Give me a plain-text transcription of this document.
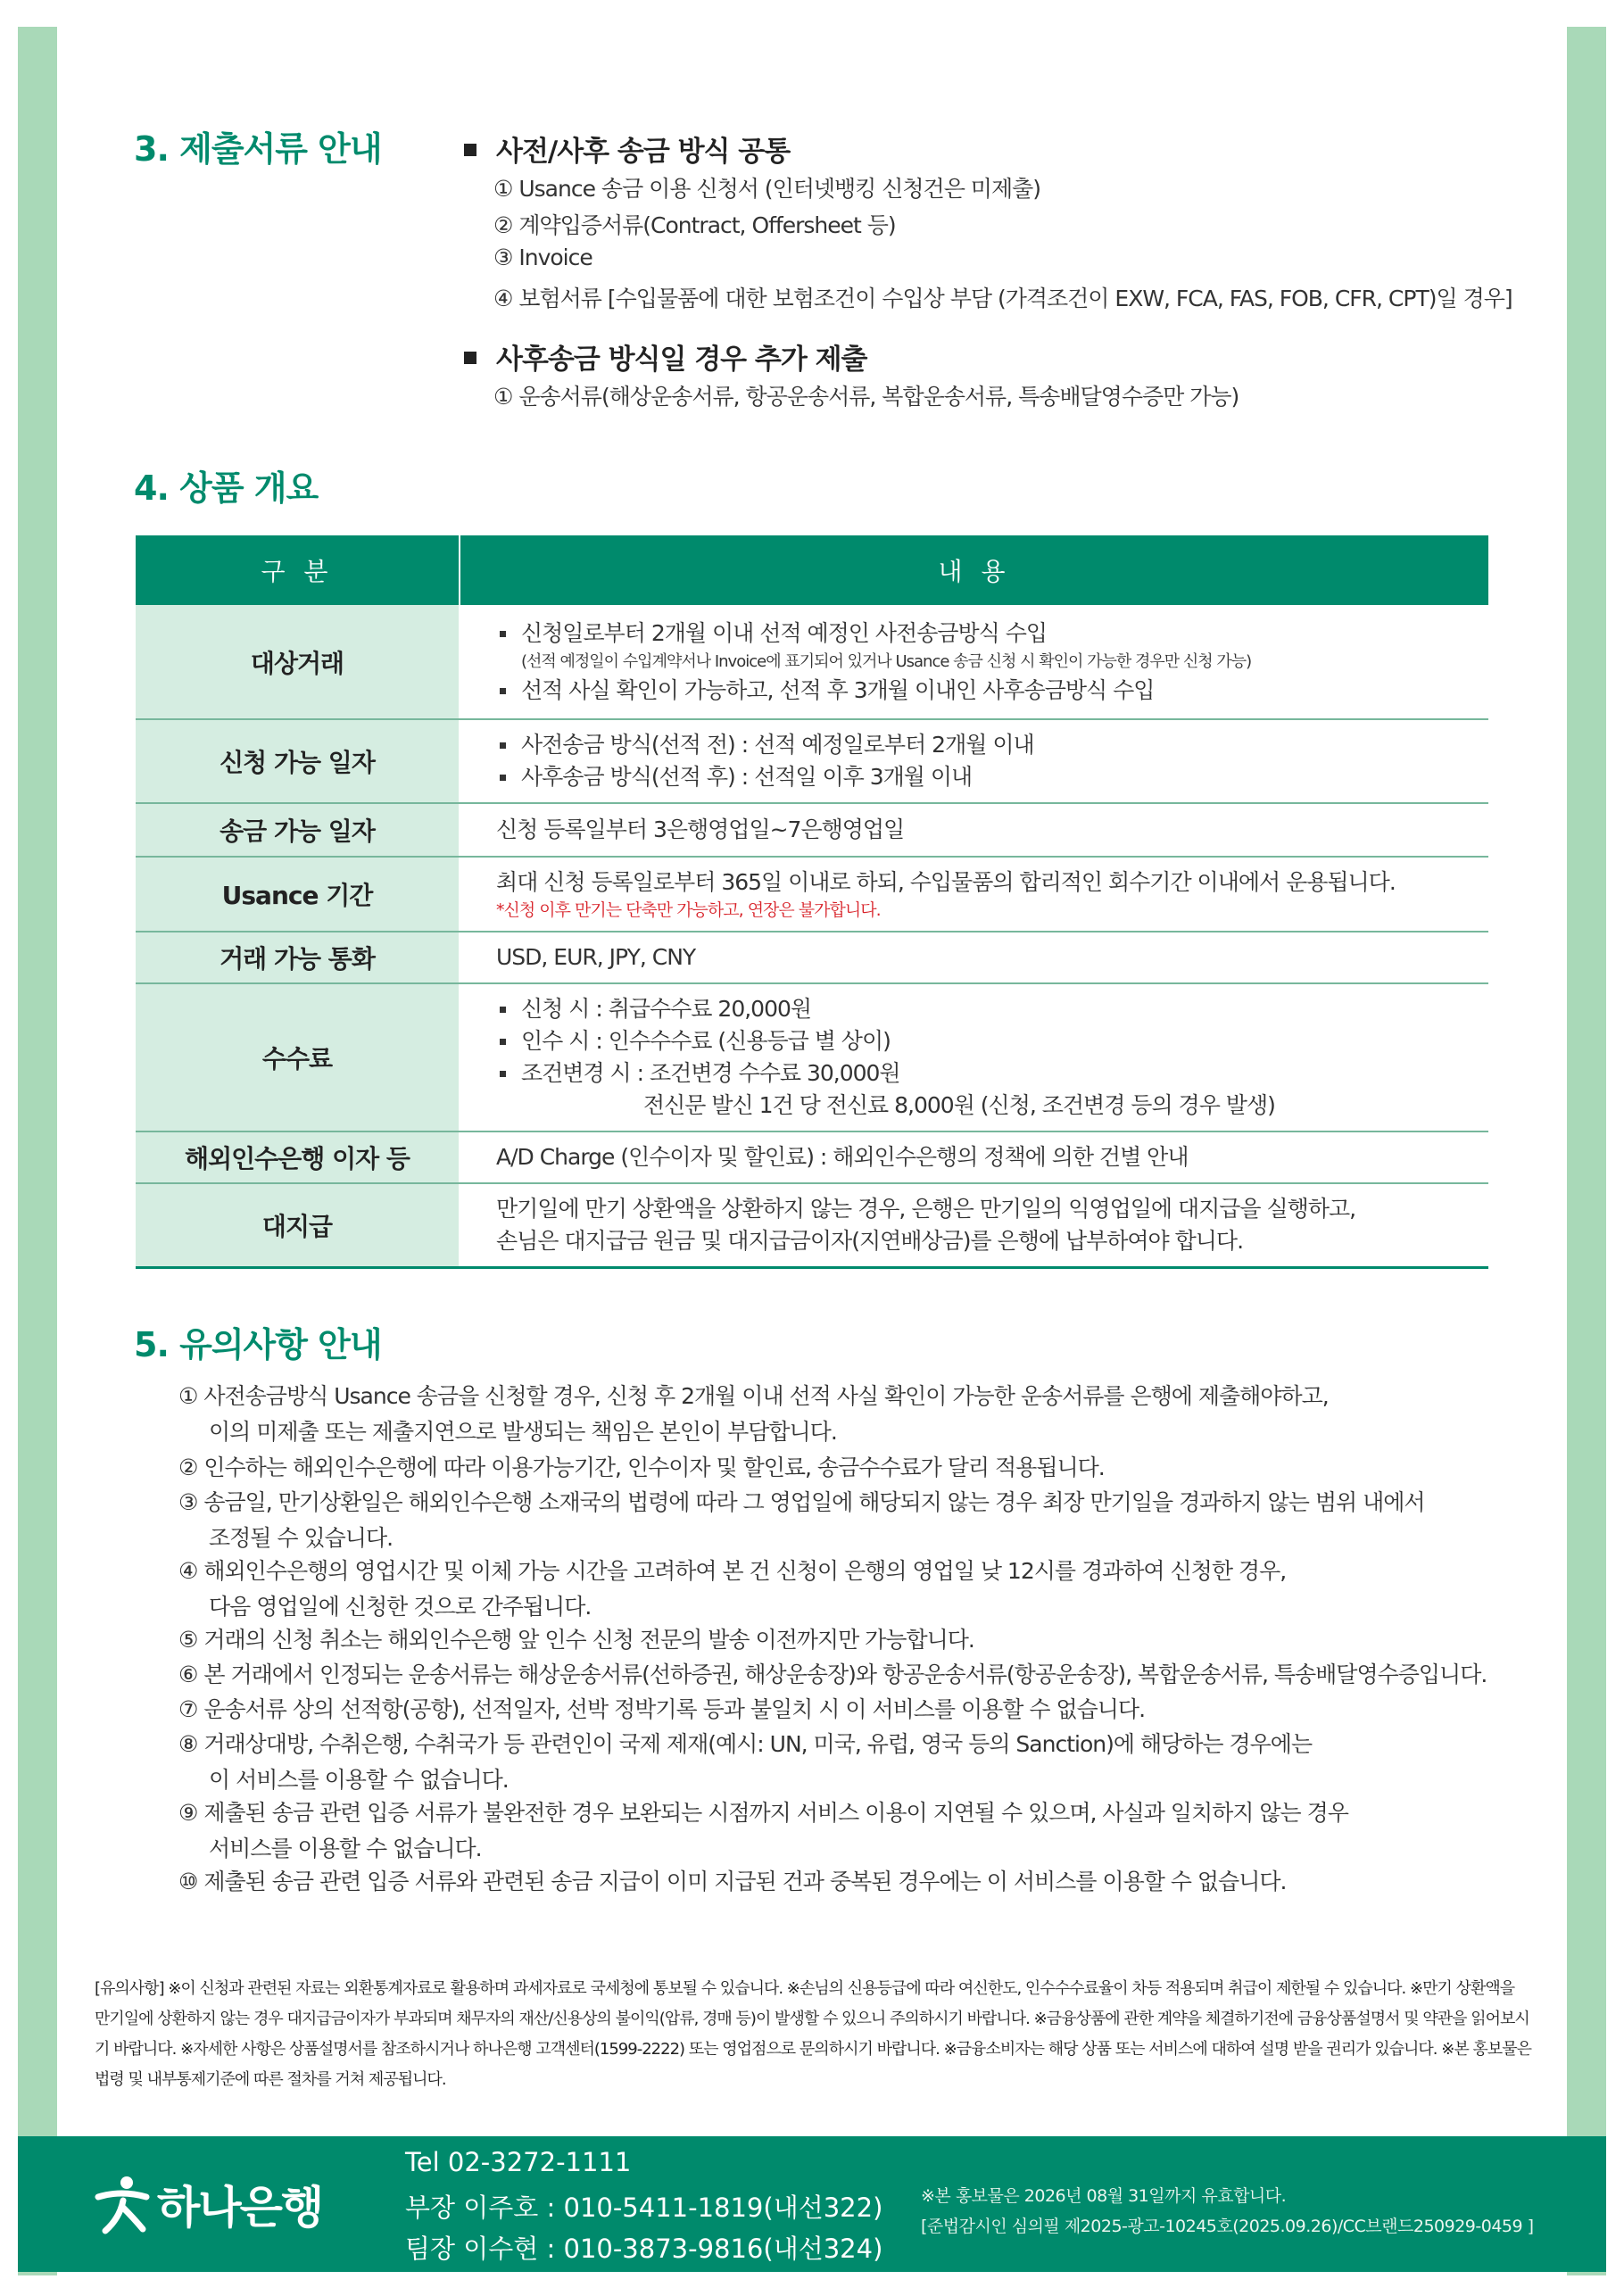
3. 제출서류 안내	사전/사후 송금 방식 공통
① Usance 송금 이용 신청서 (인터넷뱅킹 신청건은 미제출)
② 계약입증서류(Contract, Offersheet 등)
③ Invoice
④ 보험서류 [수입물품에 대한 보험조건이 수입상 부담 (가격조건이 EXW, FCA, FAS, FOB, CFR, CPT)일 경우]
사후송금 방식일 경우 추가 제출
① 운송서류(해상운송서류, 항공운송서류, 복합운송서류, 특송배달영수증만 가능)
4. 상품 개요
구 분	내 용
대상거래	신청일로부터 2개월 이내 선적 예정인 사전송금방식 수입
(선적 예정일이 수입계약서나 Invoice에 표기되어 있거나 Usance 송금 신청 시 확인이 가능한 경우만 신청 가능)
선적 사실 확인이 가능하고, 선적 후 3개월 이내인 사후송금방식 수입

신청 가능 일자	사전송금 방식(선적 전) : 선적 예정일로부터 2개월 이내
사후송금 방식(선적 후) : 선적일 이후 3개월 이내

송금 가능 일자	신청 등록일부터 3은행영업일~7은행영업일

Usance 기간	최대 신청 등록일로부터 365일 이내로 하되, 수입물품의 합리적인 회수기간 이내에서 운용됩니다.
*신청 이후 만기는 단축만 가능하고, 연장은 불가합니다.

거래 가능 통화	USD, EUR, JPY, CNY

수수료	신청 시 : 취급수수료 20,000원
인수 시 : 인수수수료 (신용등급 별 상이)
조건변경 시 : 조건변경 수수료 30,000원
전신문 발신 1건 당 전신료 8,000원 (신청, 조건변경 등의 경우 발생)

해외인수은행 이자 등	A/D Charge (인수이자 및 할인료) : 해외인수은행의 정책에 의한 건별 안내

대지급	만기일에 만기 상환액을 상환하지 않는 경우, 은행은 만기일의 익영업일에 대지급을 실행하고,
손님은 대지급금 원금 및 대지급금이자(지연배상금)를 은행에 납부하여야 합니다.
5. 유의사항 안내
① 사전송금방식 Usance 송금을 신청할 경우, 신청 후 2개월 이내 선적 사실 확인이 가능한 운송서류를 은행에 제출해야하고,
이의 미제출 또는 제출지연으로 발생되는 책임은 본인이 부담합니다.
② 인수하는 해외인수은행에 따라 이용가능기간, 인수이자 및 할인료, 송금수수료가 달리 적용됩니다.
③ 송금일, 만기상환일은 해외인수은행 소재국의 법령에 따라 그 영업일에 해당되지 않는 경우 최장 만기일을 경과하지 않는 범위 내에서
조정될 수 있습니다.
④ 해외인수은행의 영업시간 및 이체 가능 시간을 고려하여 본 건 신청이 은행의 영업일 낮 12시를 경과하여 신청한 경우,
다음 영업일에 신청한 것으로 간주됩니다.
⑤ 거래의 신청 취소는 해외인수은행 앞 인수 신청 전문의 발송 이전까지만 가능합니다.
⑥ 본 거래에서 인정되는 운송서류는 해상운송서류(선하증권, 해상운송장)와 항공운송서류(항공운송장), 복합운송서류, 특송배달영수증입니다.
⑦ 운송서류 상의 선적항(공항), 선적일자, 선박 정박기록 등과 불일치 시 이 서비스를 이용할 수 없습니다.
⑧ 거래상대방, 수취은행, 수취국가 등 관련인이 국제 제재(예시: UN, 미국, 유럽, 영국 등의 Sanction)에 해당하는 경우에는
이 서비스를 이용할 수 없습니다.
⑨ 제출된 송금 관련 입증 서류가 불완전한 경우 보완되는 시점까지 서비스 이용이 지연될 수 있으며, 사실과 일치하지 않는 경우
서비스를 이용할 수 없습니다.
⑩ 제출된 송금 관련 입증 서류와 관련된 송금 지급이 이미 지급된 건과 중복된 경우에는 이 서비스를 이용할 수 없습니다.
[유의사항] ※이 신청과 관련된 자료는 외환통계자료로 활용하며 과세자료로 국세청에 통보될 수 있습니다. ※손님의 신용등급에 따라 여신한도, 인수수수료율이 차등 적용되며 취급이 제한될 수 있습니다. ※만기 상환액을 만기일에 상환하지 않는 경우 대지급금이자가 부과되며 채무자의 재산/신용상의 불이익(압류, 경매 등)이 발생할 수 있으니 주의하시기 바랍니다. ※금융상품에 관한 계약을 체결하기전에 금융상품설명서 및 약관을 읽어보시기 바랍니다. ※자세한 사항은 상품설명서를 참조하시거나 하나은행 고객센터(1599-2222) 또는 영업점으로 문의하시기 바랍니다. ※금융소비자는 해당 상품 또는 서비스에 대하여 설명 받을 권리가 있습니다. ※본 홍보물은 법령 및 내부통제기준에 따른 절차를 거쳐 제공됩니다.
하나은행
Tel 02-3272-1111
부장 이주호 : 010-5411-1819(내선322)
팀장 이수현 : 010-3873-9816(내선324)
※본 홍보물은 2026년 08월 31일까지 유효합니다.
[준법감시인 심의필 제2025-광고-10245호(2025.09.26)/CC브랜드250929-0459 ]
